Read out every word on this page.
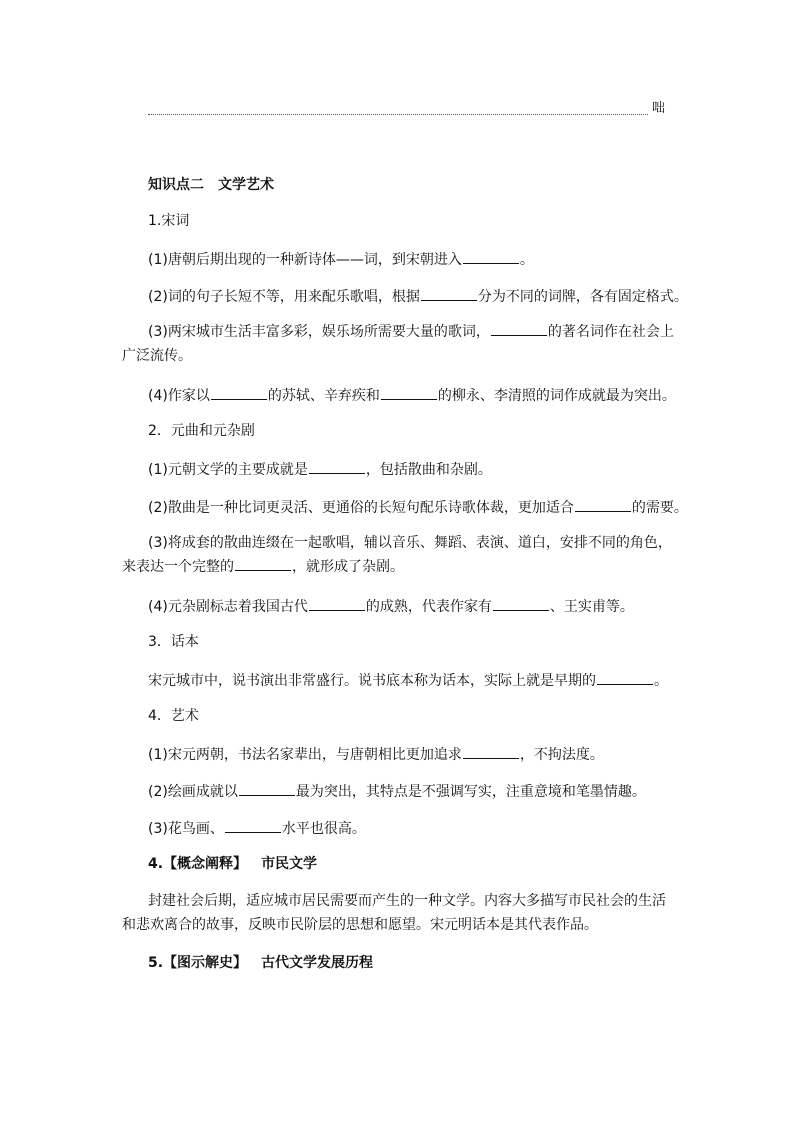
咄
知识点二　文学艺术
1.宋词
(1)唐朝后期出现的一种新诗体——词，到宋朝进入	。
(2)词的句子长短不等，用来配乐歌唱，根据	分为不同的词牌，各有固定格式。
(3)两宋城市生活丰富多彩，娱乐场所需要大量的歌词，	的著名词作在社会上广泛流传。
(4)作家以	的苏轼、辛弃疾和	的柳永、李清照的词作成就最为突出。
2．元曲和元杂剧
(1)元朝文学的主要成就是	，包括散曲和杂剧。
(2)散曲是一种比词更灵活、更通俗的长短句配乐诗歌体裁，更加适合	的需要。
(3)将成套的散曲连缀在一起歌唱，辅以音乐、舞蹈、表演、道白，安排不同的角色，来表达一个完整的	，就形成了杂剧。
(4)元杂剧标志着我国古代	的成熟，代表作家有	、王实甫等。
3．话本
宋元城市中，说书演出非常盛行。说书底本称为话本，实际上就是早期的	。
4．艺术
(1)宋元两朝，书法名家辈出，与唐朝相比更加追求	，不拘法度。
(2)绘画成就以	最为突出，其特点是不强调写实，注重意境和笔墨情趣。
(3)花鸟画、	水平也很高。
4.【概念阐释】 市民文学
封建社会后期，适应城市居民需要而产生的一种文学。内容大多描写市民社会的生活和悲欢离合的故事，反映市民阶层的思想和愿望。宋元明话本是其代表作品。
5.【图示解史】 古代文学发展历程
